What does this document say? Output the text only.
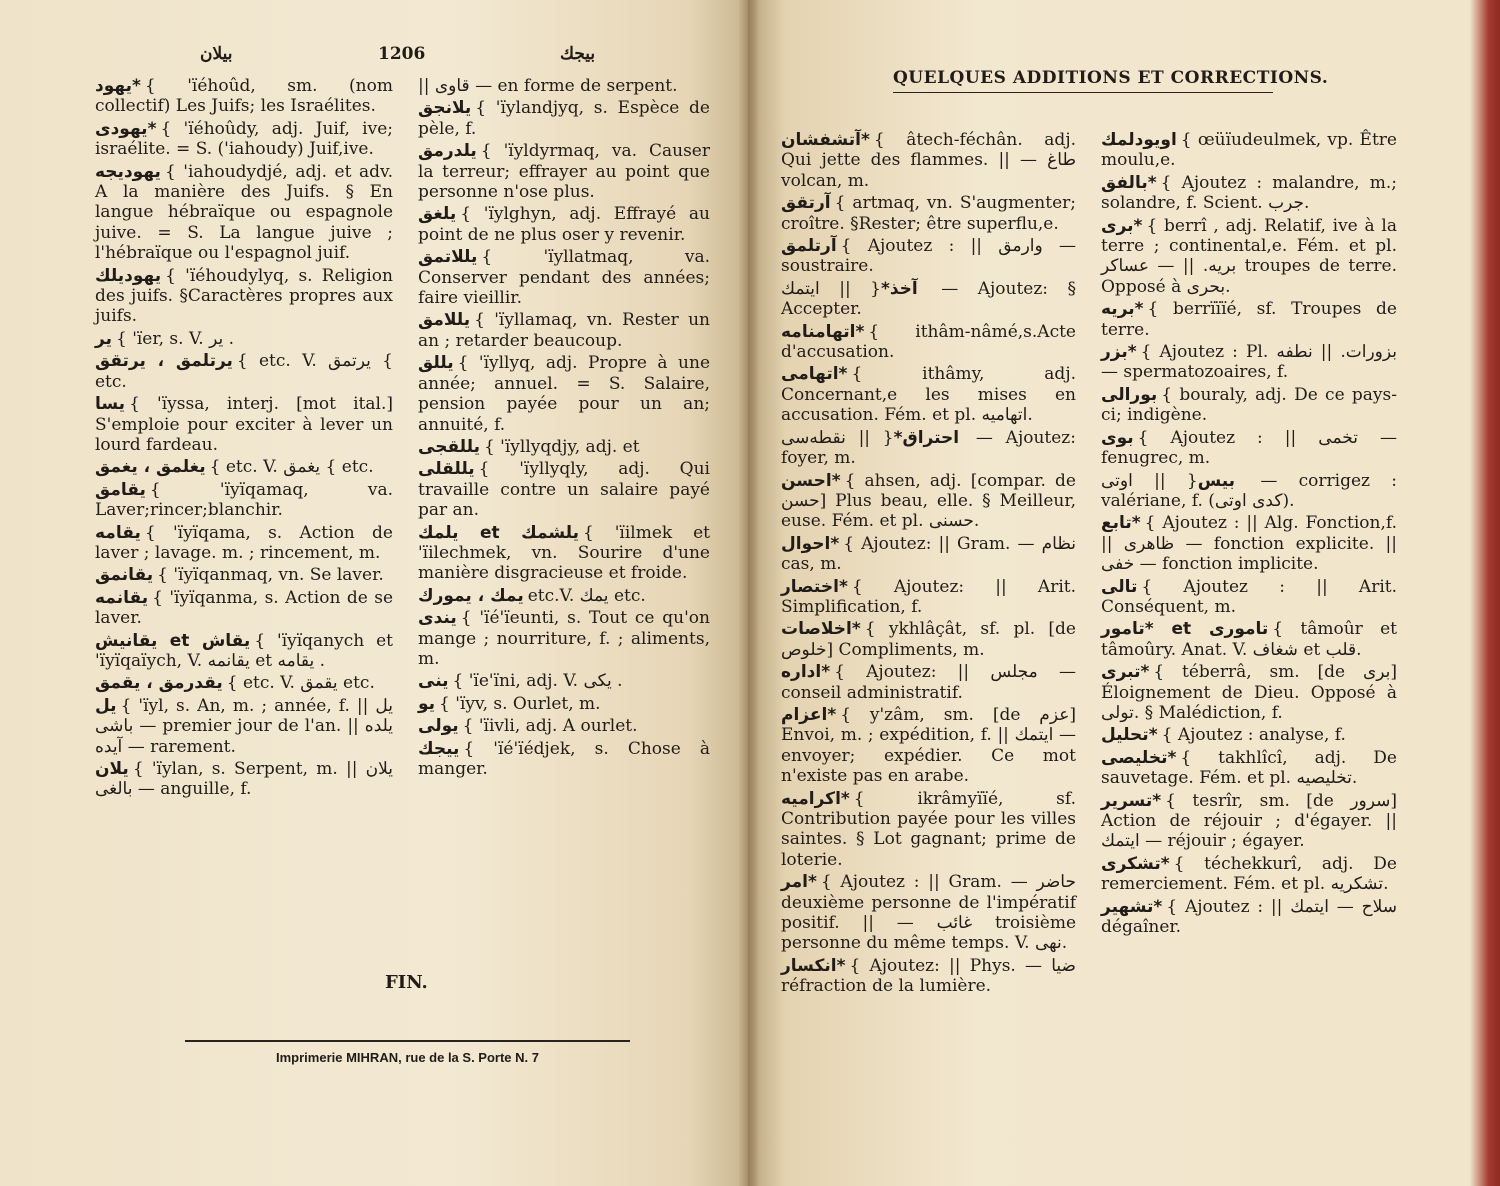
ﺑﯿﻼﻥ	1206	ﺑﯿﺠﻚ
ﻳﻬﻮﺩ* { 'ïéhoûd, sm. (nom collectif) Les Juifs; les Israélites.
ﻳﻬﻮﺩﻯ* { 'ïéhoûdy, adj. Juif, ive; israélite. = S. ('iahoudy) Juif,ive.
ﻳﻬﻮﺩﻳﺠﻪ { 'iahoudydjé, adj. et adv. A la manière des Juifs. § En langue hébraïque ou espagnole juive. = S. La langue juive ; l'hébraïque ou l'espagnol juif.
ﻳﻬﻮﺩﻳﻠﻚ { 'ïéhoudylyq, s. Religion des juifs. §Caractères propres aux juifs.
ﻳﺮ { 'ïer, s. V. ﻳﺮ .
ﻳﺮﺗﻠﻤﻖ ، ﻳﺮﺗﻘﻖ { etc. V. ﻳﺮﺗﻤﻖ { etc.
ﻳﺴﺎ { 'ïyssa, interj. [mot ital.] S'emploie pour exciter à lever un lourd fardeau.
ﻳﻐﻠﻤﻖ ، ﻳﻐﻤﻖ { etc. V. ﻳﻐﻤﻖ { etc.
ﻳﻘﺎﻣﻖ { 'ïyïqamaq, va. Laver;rincer;blanchir.
ﻳﻘﺎﻣﻪ { 'ïyïqama, s. Action de laver ; lavage. m. ; rincement, m.
ﻳﻘﺎﻧﻤﻖ { 'ïyïqanmaq, vn. Se laver.
ﻳﻘﺎﻧﻤﻪ { 'ïyïqanma, s. Action de se laver.
ﻳﻘﺎﻧﻴﺶ et ﻳﻘﺎﺵ { 'ïyïqanych et 'ïyïqaïych, V. ﻳﻘﺎﻧﻤﻪ et ﻳﻘﺎﻣﻪ .
ﻳﻘﺪﺭﻣﻖ ، ﻳﻘﻤﻖ { etc. V. ﻳﻘﻤﻖ etc.
ﻳﻞ { 'ïyl, s. An, m. ; année, f. || ﻳﻞ ﺑﺎﺷﻰ — premier jour de l'an. || ﻳﻠﺪﻩ ﺁﻳﺪﻩ — rarement.
ﻳﻼﻥ { 'ïylan, s. Serpent, m. || ﻳﻼﻥ ﺑﺎﻟﻐﻰ — anguille, f.
|| ﻗﺎﻭﻯ — en forme de serpent.
ﻳﻼﻧﺠﻖ { 'ïylandjyq, s. Espèce de pèle, f.
ﻳﻠﺪﺭﻣﻖ { 'ïyldyrmaq, va. Causer la terreur; effrayer au point que personne n'ose plus.
ﻳﻠﻐﻖ { 'ïylghyn, adj. Effrayé au point de ne plus oser y revenir.
ﻳﻠﻼﺗﻤﻖ { 'ïyllatmaq, va. Conserver pendant des années; faire vieillir.
ﻳﻠﻼﻣﻖ { 'ïyllamaq, vn. Rester un an ; retarder beaucoup.
ﻳﻠﻠﻖ { 'ïyllyq, adj. Propre à une année; annuel. = S. Salaire, pension payée pour un an; annuité, f.
ﻳﻠﻠﻘﺠﻰ { 'ïyllyqdjy, adj. et
ﻳﻠﻠﻘﻠﻰ { 'ïyllyqly, adj. Qui travaille contre un salaire payé par an.
ﻳﻠﻤﻚ et ﻳﻠﺸﻤﻚ { 'ïilmek et 'ïilechmek, vn. Sourire d'une manière disgracieuse et froide.
ﻳﻤﻚ ، ﻳﻤﻮﺭﻙ etc.V. ﻳﻤﻚ etc.
ﻳﻨﺪﻯ { 'ïé'ïeunti, s. Tout ce qu'on mange ; nourriture, f. ; aliments, m.
ﻳﻨﻰ { 'ïe'ïni, adj. V. ﻳﻜﻰ .
ﻳﻮ { 'ïyv, s. Ourlet, m.
ﻳﻮﻟﻰ { 'ïivli, adj. A ourlet.
ﻳﻴﺠﻚ { 'ïé'ïédjek, s. Chose à manger.
FIN.
Imprimerie MIHRAN, rue de la S. Porte N. 7
QUELQUES ADDITIONS ET CORRECTIONS.
ﺁﺗﺸﻔﺸﺎﻥ* { âtech-féchân. adj. Qui jette des flammes. || — ﻃﺎﻍ volcan, m.
ﺁﺭﺗﻘﻖ { artmaq, vn. S'augmenter; croître. §Rester; être superflu,e.
ﺁﺭﺗﻠﻤﻖ { Ajoutez : || ﻭﺍﺭﻣﻖ — soustraire.
ﺁﺧﺬ*{ || ﺍﻳﺘﻤﻚ — Ajoutez: § Accepter.
ﺍﺗﻬﺎﻣﻨﺎﻣﻪ* { ithâm-nâmé,s.Acte d'accusation.
ﺍﺗﻬﺎﻣﻰ* { ithâmy, adj. Concernant,e les mises en accusation. Fém. et pl. ﺍﺗﻬﺎﻣﻴﻪ.
ﺍﺣﺘﺮﺍﻕ*{ || ﻧﻘﻄﻪﺳﻰ — Ajoutez: foyer, m.
ﺍﺣﺴﻦ* { ahsen, adj. [compar. de ﺣﺴﻦ] Plus beau, elle. § Meilleur, euse. Fém. et pl. ﺣﺴﻨﻰ.
ﺍﺣﻮﺍﻝ* { Ajoutez: || Gram. — ﻧﻈﺎﻡ cas, m.
ﺍﺧﺘﺼﺎﺭ* { Ajoutez: || Arit. Simplification, f.
ﺍﺧﻼﺻﺎﺕ* { ykhlâçât, sf. pl. [de ﺧﻠﻮﺹ] Compliments, m.
ﺍﺩﺍﺭﻩ* { Ajoutez: || ﻣﺠﻠﺲ — conseil administratif.
ﺍﻋﺰﺍﻡ* { y'zâm, sm. [de ﻋﺰﻡ] Envoi, m. ; expédition, f. || ﺍﻳﺘﻤﻚ — envoyer; expédier. Ce mot n'existe pas en arabe.
ﺍﻛﺮﺍﻣﻴﻪ* { ikrâmyïïé, sf. Contribution payée pour les villes saintes. § Lot gagnant; prime de loterie.
ﺍﻣﺮ* { Ajoutez : || Gram. — ﺣﺎﺿﺮ deuxième personne de l'impératif positif. || — ﻏﺎﺋﺐ troisième personne du même temps. V. ﻧﻬﻰ.
ﺍﻧﻜﺴﺎﺭ* { Ajoutez: || Phys. — ﺿﻴﺎ réfraction de la lumière.
ﺍﻭﻳﻮﺩﻟﻤﻚ { œüïudeulmek, vp. Être moulu,e.
ﺑﺎﻟﻔﻖ* { Ajoutez : malandre, m.; solandre, f. Scient. ﺟﺮﺏ.
ﺑﺮﻯ* { berrî , adj. Relatif, ive à la terre ; continental,e. Fém. et pl. ﺑﺮﻳﻪ. || — ﻋﺴﺎﻛﺮ troupes de terre. Opposé à ﺑﺤﺮﻯ.
ﺑﺮﻳﻪ* { berrïïïé, sf. Troupes de terre.
ﺑﺰﺭ* { Ajoutez : Pl. ﺑﺰﻭﺭﺍﺕ. || ﻧﻄﻔﻪ — spermatozoaires, f.
ﺑﻮﺭﺍﻟﻰ { bouraly, adj. De ce pays-ci; indigène.
ﺑﻮﻯ { Ajoutez : || ﺗﺨﻤﻰ — fenugrec, m.
ﺑﻴﺲ{ || ﺍﻭﺗﻰ — corrigez : valériane, f. (ﻛﺪﻯ ﺍﻭﺗﻰ).
ﺗﺎﺑﻊ* { Ajoutez : || Alg. Fonction,f. || ﻇﺎﻫﺮﻯ — fonction explicite. || ﺧﻔﻰ — fonction implicite.
ﺗﺎﻟﻰ { Ajoutez : || Arit. Conséquent, m.
ﺗﺎﻣﻮﺭ* et ﺗﺎﻣﻮﺭﻯ { tâmoûr et tâmoûry. Anat. V. ﺷﻐﺎﻑ et ﻗﻠﺐ.
ﺗﺒﺮﻯ* { téberrâ, sm. [de ﺑﺮﻯ] Éloignement de Dieu. Opposé à ﺗﻮﻟﻰ. § Malédiction, f.
ﺗﺤﻠﻴﻞ* { Ajoutez : analyse, f.
ﺗﺨﻠﻴﺼﻰ* { takhlîcî, adj. De sauvetage. Fém. et pl. ﺗﺨﻠﻴﺼﻴﻪ.
ﺗﺴﺮﻳﺮ* { tesrîr, sm. [de ﺳﺮﻭﺭ] Action de réjouir ; d'égayer. || ﺍﻳﺘﻤﻚ — réjouir ; égayer.
ﺗﺸﻜﺮﻯ* { téchekkurî, adj. De remerciement. Fém. et pl. ﺗﺸﻜﺮﻳﻪ.
ﺗﺸﻬﻴﺮ* { Ajoutez : || ﺳﻼﺡ — ﺍﻳﺘﻤﻚ dégaîner.
